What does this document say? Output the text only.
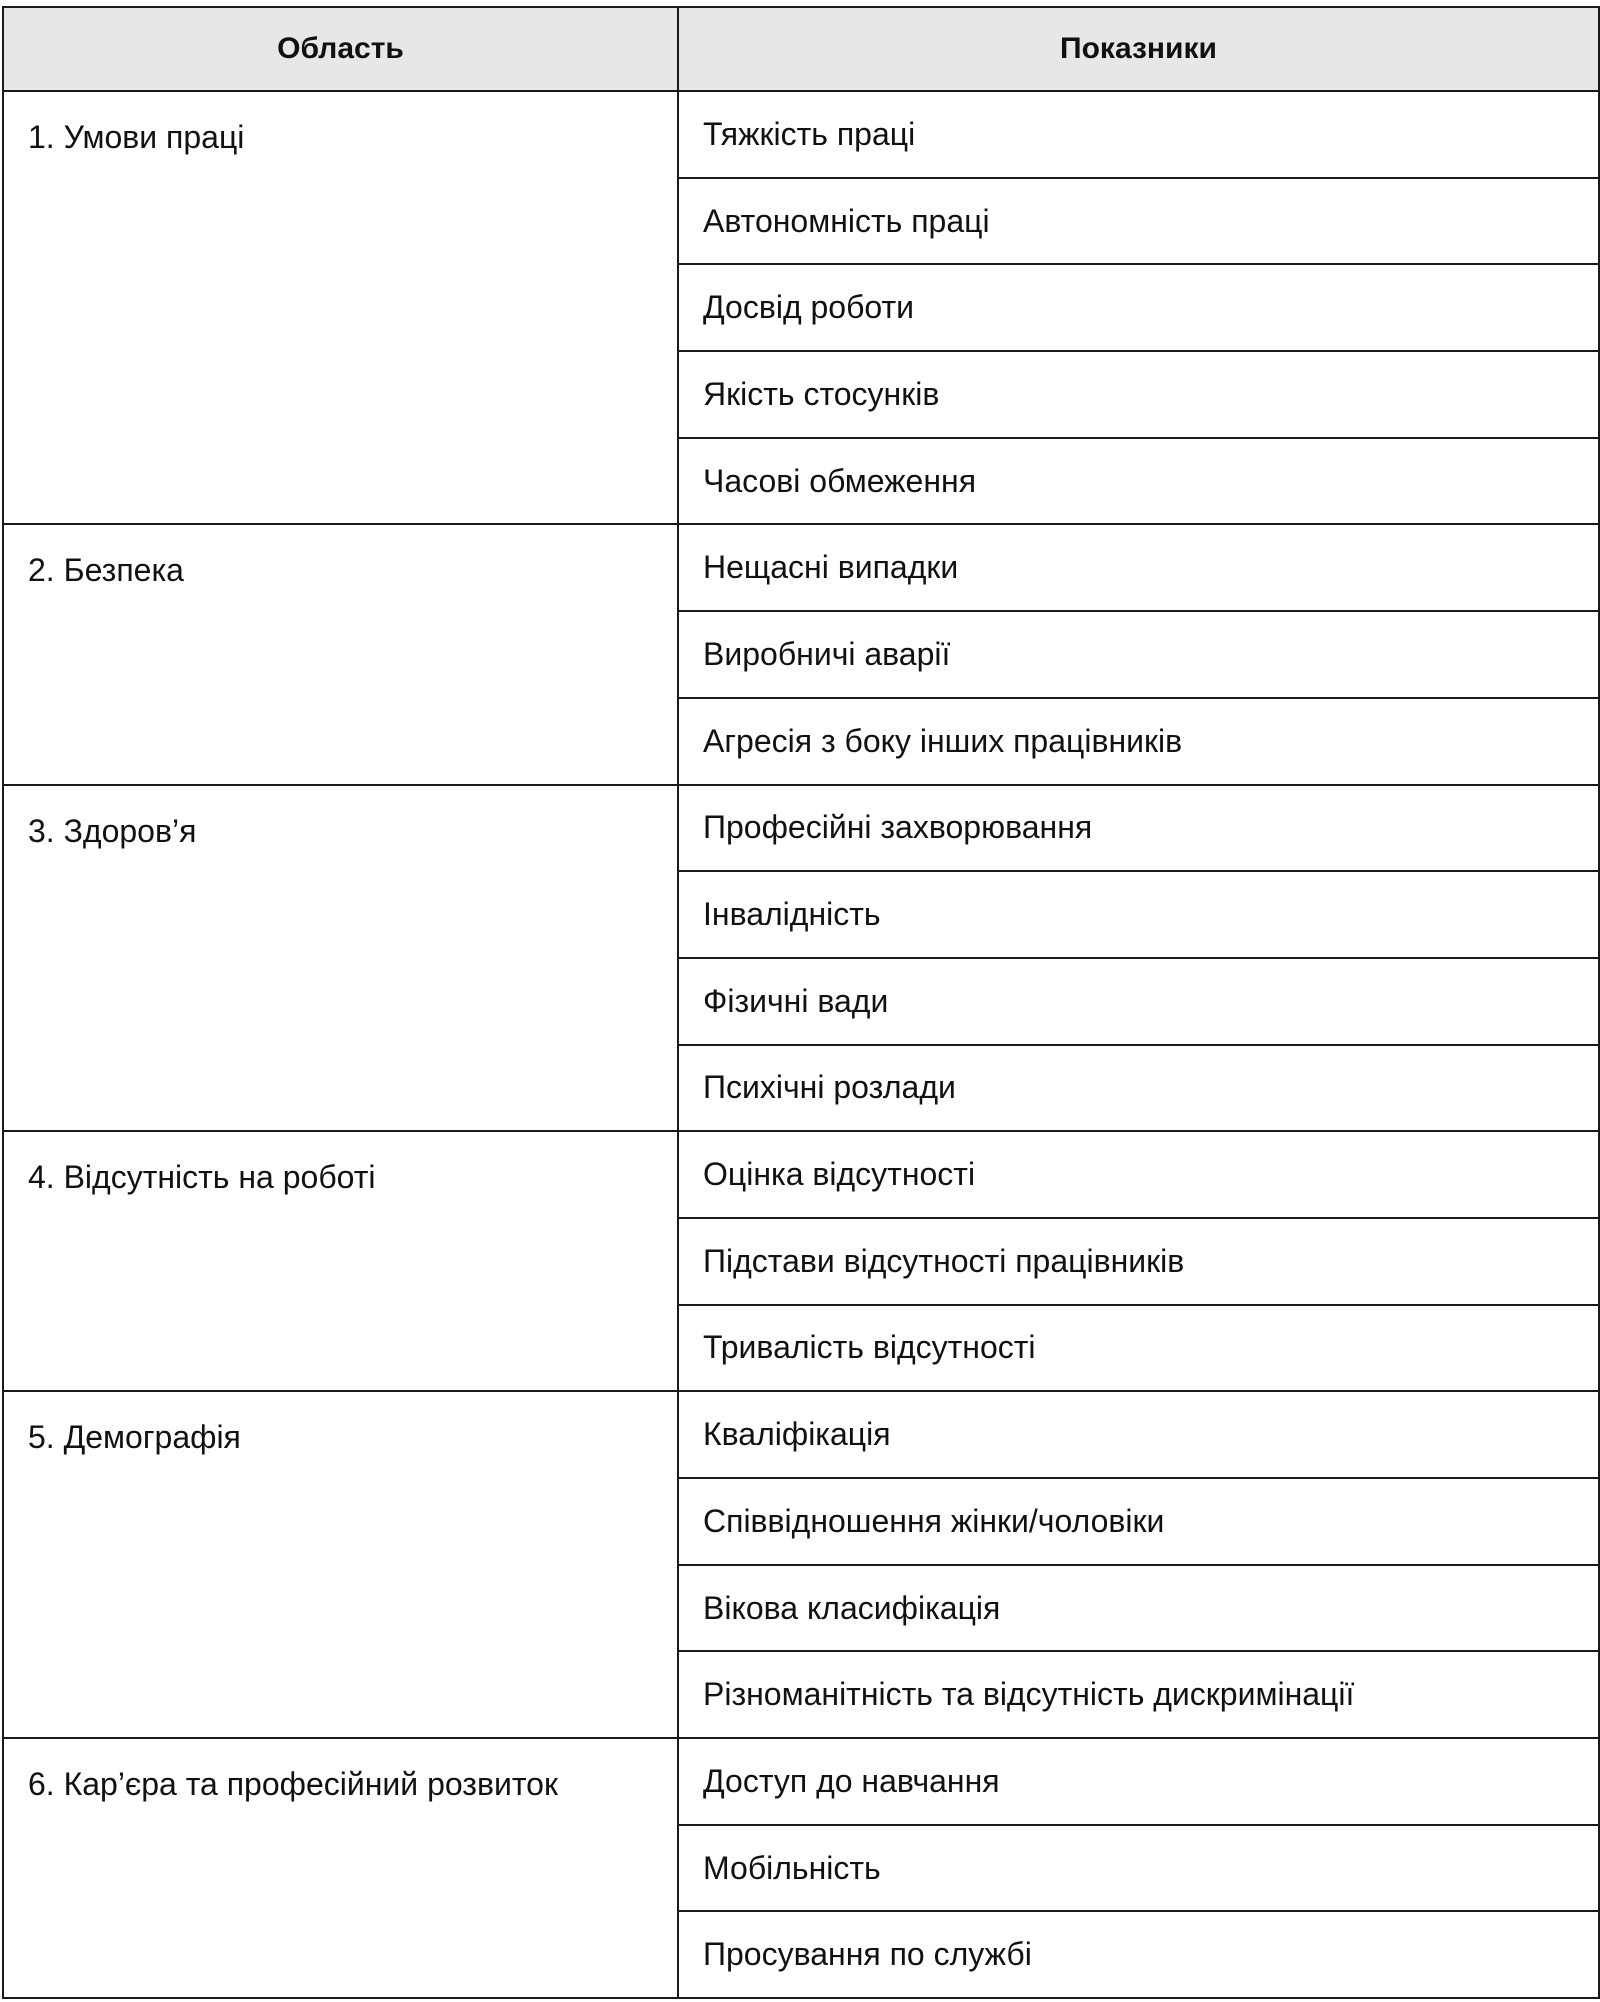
Область	Показники
1. Умови праці	Тяжкість праці
	Автономність праці
	Досвід роботи
	Якість стосунків
	Часові обмеження
2. Безпека	Нещасні випадки
	Виробничі аварії
	Агресія з боку інших працівників
3. Здоров’я	Професійні захворювання
	Інвалідність
	Фізичні вади
	Психічні розлади
4. Відсутність на роботі	Оцінка відсутності
	Підстави відсутності працівників
	Тривалість відсутності
5. Демографія	Кваліфікація
	Співвідношення жінки/чоловіки
	Вікова класифікація
	Різноманітність та відсутність дискримінації
6. Кар’єра та професійний розвиток	Доступ до навчання
	Мобільність
	Просування по службі
